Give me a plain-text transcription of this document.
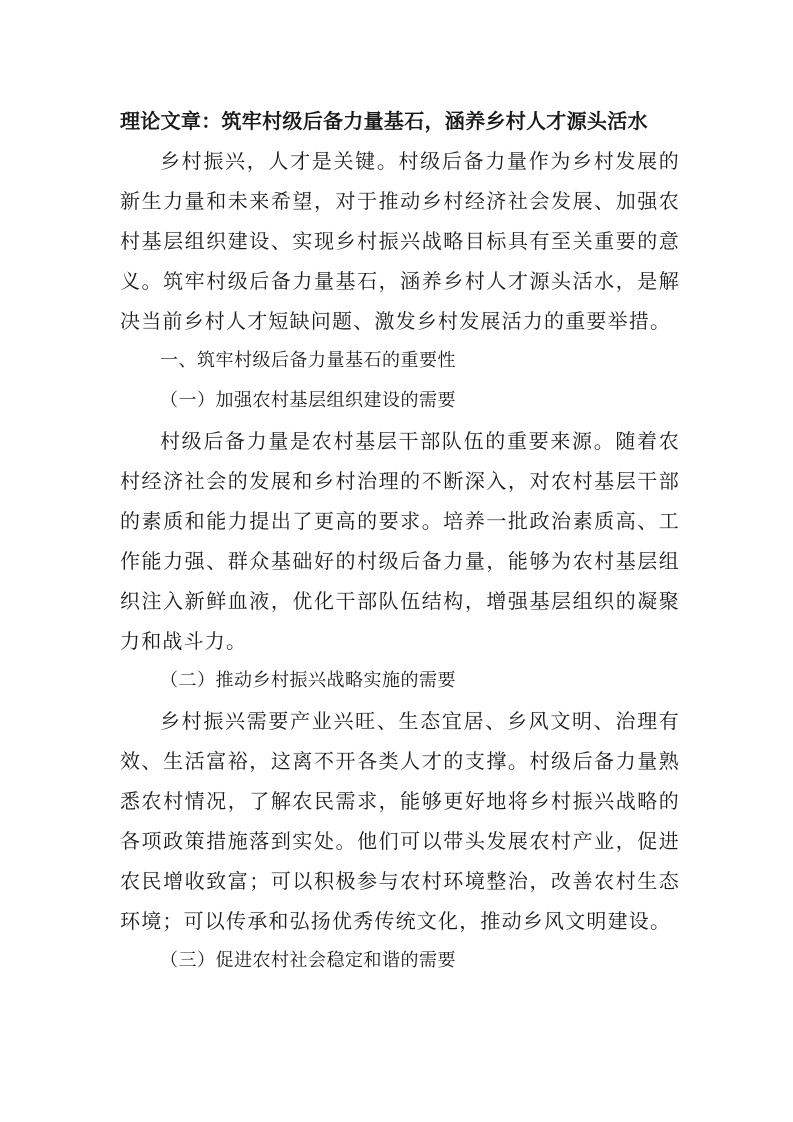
理论文章：筑牢村级后备力量基石，涵养乡村人才源头活水

乡村振兴，人才是关键。村级后备力量作为乡村发展的新生力量和未来希望，对于推动乡村经济社会发展、加强农村基层组织建设、实现乡村振兴战略目标具有至关重要的意义。筑牢村级后备力量基石，涵养乡村人才源头活水，是解决当前乡村人才短缺问题、激发乡村发展活力的重要举措。

一、筑牢村级后备力量基石的重要性

（一）加强农村基层组织建设的需要

村级后备力量是农村基层干部队伍的重要来源。随着农村经济社会的发展和乡村治理的不断深入，对农村基层干部的素质和能力提出了更高的要求。培养一批政治素质高、工作能力强、群众基础好的村级后备力量，能够为农村基层组织注入新鲜血液，优化干部队伍结构，增强基层组织的凝聚力和战斗力。

（二）推动乡村振兴战略实施的需要

乡村振兴需要产业兴旺、生态宜居、乡风文明、治理有效、生活富裕，这离不开各类人才的支撑。村级后备力量熟悉农村情况，了解农民需求，能够更好地将乡村振兴战略的各项政策措施落到实处。他们可以带头发展农村产业，促进农民增收致富；可以积极参与农村环境整治，改善农村生态环境；可以传承和弘扬优秀传统文化，推动乡风文明建设。

（三）促进农村社会稳定和谐的需要
